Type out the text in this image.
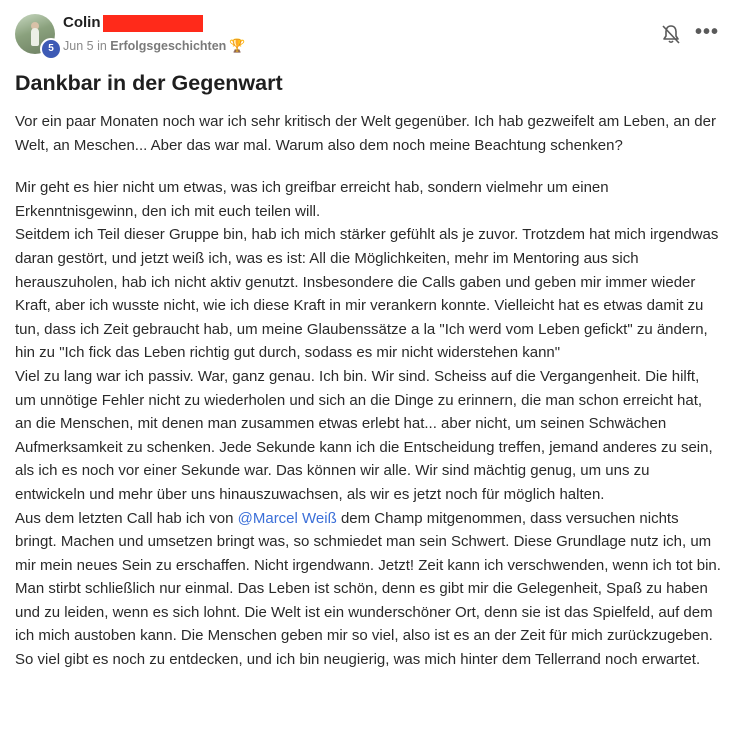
5
Colin
Jun 5 in Erfolgsgeschichten 🏆
•••
Dankbar in der Gegenwart

Vor ein paar Monaten noch war ich sehr kritisch der Welt gegenüber. Ich hab gezweifelt am Leben, an der Welt, an Meschen... Aber das war mal. Warum also dem noch meine Beachtung schenken?

Mir geht es hier nicht um etwas, was ich greifbar erreicht hab, sondern vielmehr um einen Erkenntnisgewinn, den ich mit euch teilen will.

Seitdem ich Teil dieser Gruppe bin, hab ich mich stärker gefühlt als je zuvor. Trotzdem hat mich irgendwas daran gestört, und jetzt weiß ich, was es ist: All die Möglichkeiten, mehr im Mentoring aus sich herauszuholen, hab ich nicht aktiv genutzt. Insbesondere die Calls gaben und geben mir immer wieder Kraft, aber ich wusste nicht, wie ich diese Kraft in mir verankern konnte. Vielleicht hat es etwas damit zu tun, dass ich Zeit gebraucht hab, um meine Glaubenssätze a la "Ich werd vom Leben gefickt" zu ändern, hin zu "Ich fick das Leben richtig gut durch, sodass es mir nicht widerstehen kann"

Viel zu lang war ich passiv. War, ganz genau. Ich bin. Wir sind. Scheiss auf die Vergangenheit. Die hilft, um unnötige Fehler nicht zu wiederholen und sich an die Dinge zu erinnern, die man schon erreicht hat, an die Menschen, mit denen man zusammen etwas erlebt hat... aber nicht, um seinen Schwächen Aufmerksamkeit zu schenken. Jede Sekunde kann ich die Entscheidung treffen, jemand anderes zu sein, als ich es noch vor einer Sekunde war. Das können wir alle. Wir sind mächtig genug, um uns zu entwickeln und mehr über uns hinauszuwachsen, als wir es jetzt noch für möglich halten.

Aus dem letzten Call hab ich von @Marcel Weiß dem Champ mitgenommen, dass versuchen nichts bringt. Machen und umsetzen bringt was, so schmiedet man sein Schwert. Diese Grundlage nutz ich, um mir mein neues Sein zu erschaffen. Nicht irgendwann. Jetzt! Zeit kann ich verschwenden, wenn ich tot bin. Man stirbt schließlich nur einmal. Das Leben ist schön, denn es gibt mir die Gelegenheit, Spaß zu haben und zu leiden, wenn es sich lohnt. Die Welt ist ein wunderschöner Ort, denn sie ist das Spielfeld, auf dem ich mich austoben kann. Die Menschen geben mir so viel, also ist es an der Zeit für mich zurückzugeben. So viel gibt es noch zu entdecken, und ich bin neugierig, was mich hinter dem Tellerrand noch erwartet.
